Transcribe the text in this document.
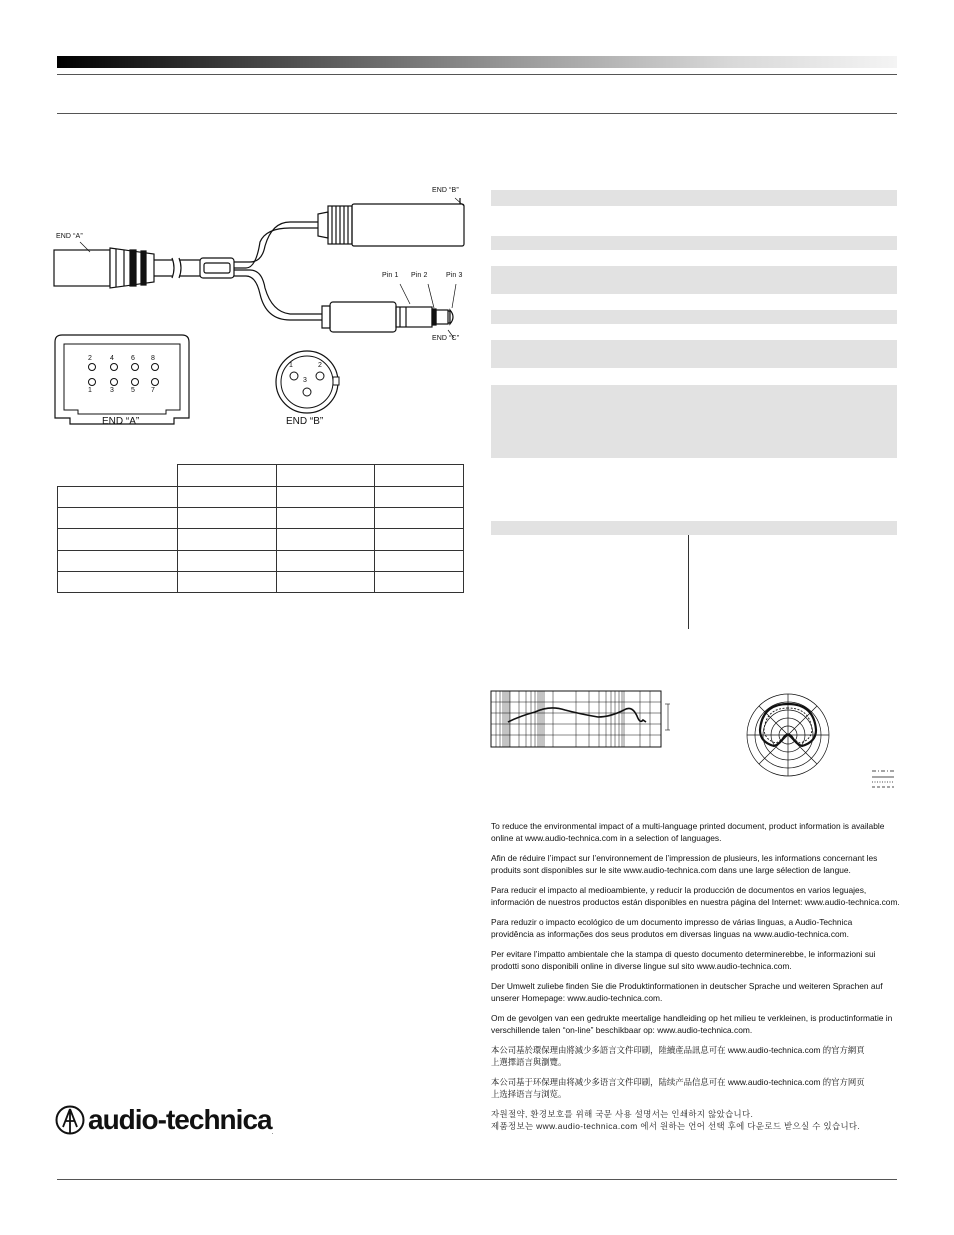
END “A”
END “B”
END “C”
Pin 1 Pin 2	Pin 3
2	4 6 8
1	3 5 7
END “A”
1	2
3
END “B”

To reduce the environmental impact of a multi-language printed document, product information is available
online at www.audio-technica.com in a selection of languages.

Afin de réduire l’impact sur l’environnement de l’impression de plusieurs, les informations concernant les
produits sont disponibles sur le site www.audio-technica.com dans une large sélection de langue.

Para reducir el impacto al medioambiente, y reducir la producción de documentos en varios leguajes,
información de nuestros productos están disponibles en nuestra página del Internet: www.audio-technica.com.

Para reduzir o impacto ecológico de um documento impresso de várias linguas, a Audio-Technica
providência as informações dos seus produtos em diversas linguas na www.audio-technica.com.

Per evitare l’impatto ambientale che la stampa di questo documento determinerebbe, le informazioni sui
prodotti sono disponibili online in diverse lingue sul sito www.audio-technica.com.

Der Umwelt zuliebe finden Sie die Produktinformationen in deutscher Sprache und weiteren Sprachen auf
unserer Homepage: www.audio-technica.com.

Om de gevolgen van een gedrukte meertalige handleiding op het milieu te verkleinen, is productinformatie in
verschillende talen “on-line” beschikbaar op: www.audio-technica.com.

本公司基於環保理由將減少多語言文件印刷，陸續產品訊息可在 www.audio-technica.com 的官方網頁
上選擇語言與瀏覽。

本公司基于环保理由将减少多语言文件印刷，陆续产品信息可在 www.audio-technica.com 的官方网页
上选择语言与浏览。

자원절약, 환경보호를 위해 국문 사용 설명서는 인쇄하지 않았습니다.
제품정보는 www.audio-technica.com 에서 원하는 언어 선택 후에 다운로드 받으실 수 있습니다.

audio-technica.
